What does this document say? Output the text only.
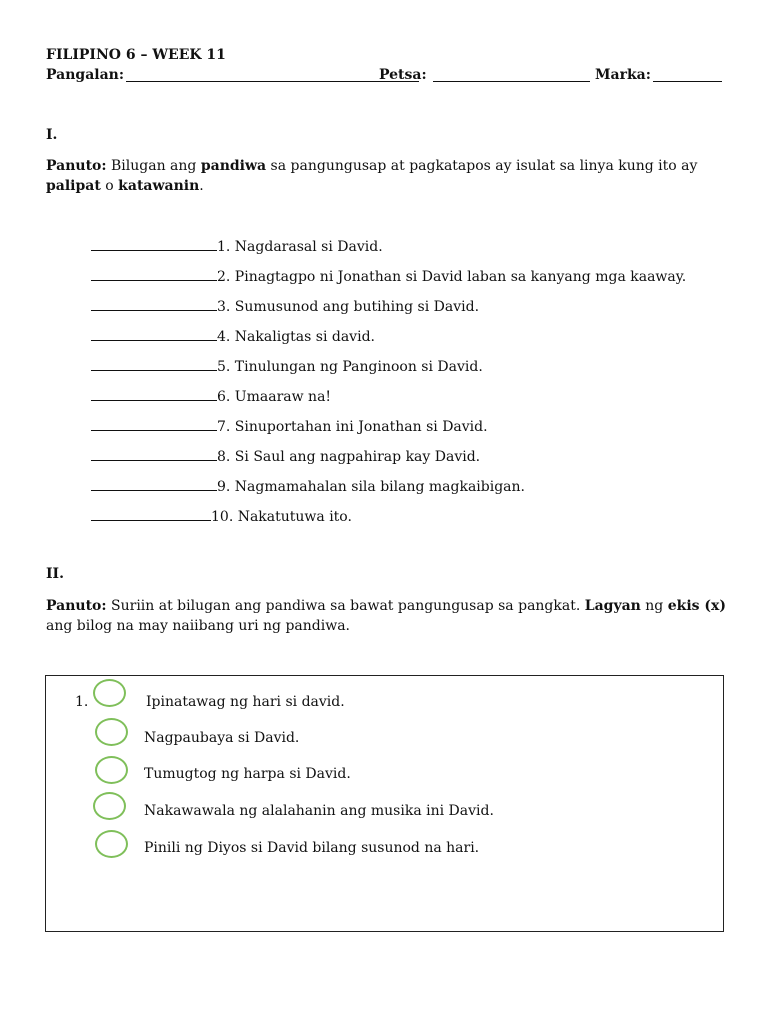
FILIPINO 6 – WEEK 11
Pangalan:	Petsa:	Marka:
I.
Panuto: Bilugan ang pandiwa sa pangungusap at pagkatapos ay isulat sa linya kung ito ay palipat o katawanin.
1. Nagdarasal si David.
2. Pinagtagpo ni Jonathan si David laban sa kanyang mga kaaway.
3. Sumusunod ang butihing si David.
4. Nakaligtas si david.
5. Tinulungan ng Panginoon si David.
6. Umaaraw na!
7. Sinuportahan ini Jonathan si David.
8. Si Saul ang nagpahirap kay David.
9. Nagmamahalan sila bilang magkaibigan.
10. Nakatutuwa ito.
II.
Panuto: Suriin at bilugan ang pandiwa sa bawat pangungusap sa pangkat. Lagyan ng ekis (x) ang bilog na may naiibang uri ng pandiwa.
1.	Ipinatawag ng hari si david.
Nagpaubaya si David.
Tumugtog ng harpa si David.
Nakawawala ng alalahanin ang musika ini David.
Pinili ng Diyos si David bilang susunod na hari.
